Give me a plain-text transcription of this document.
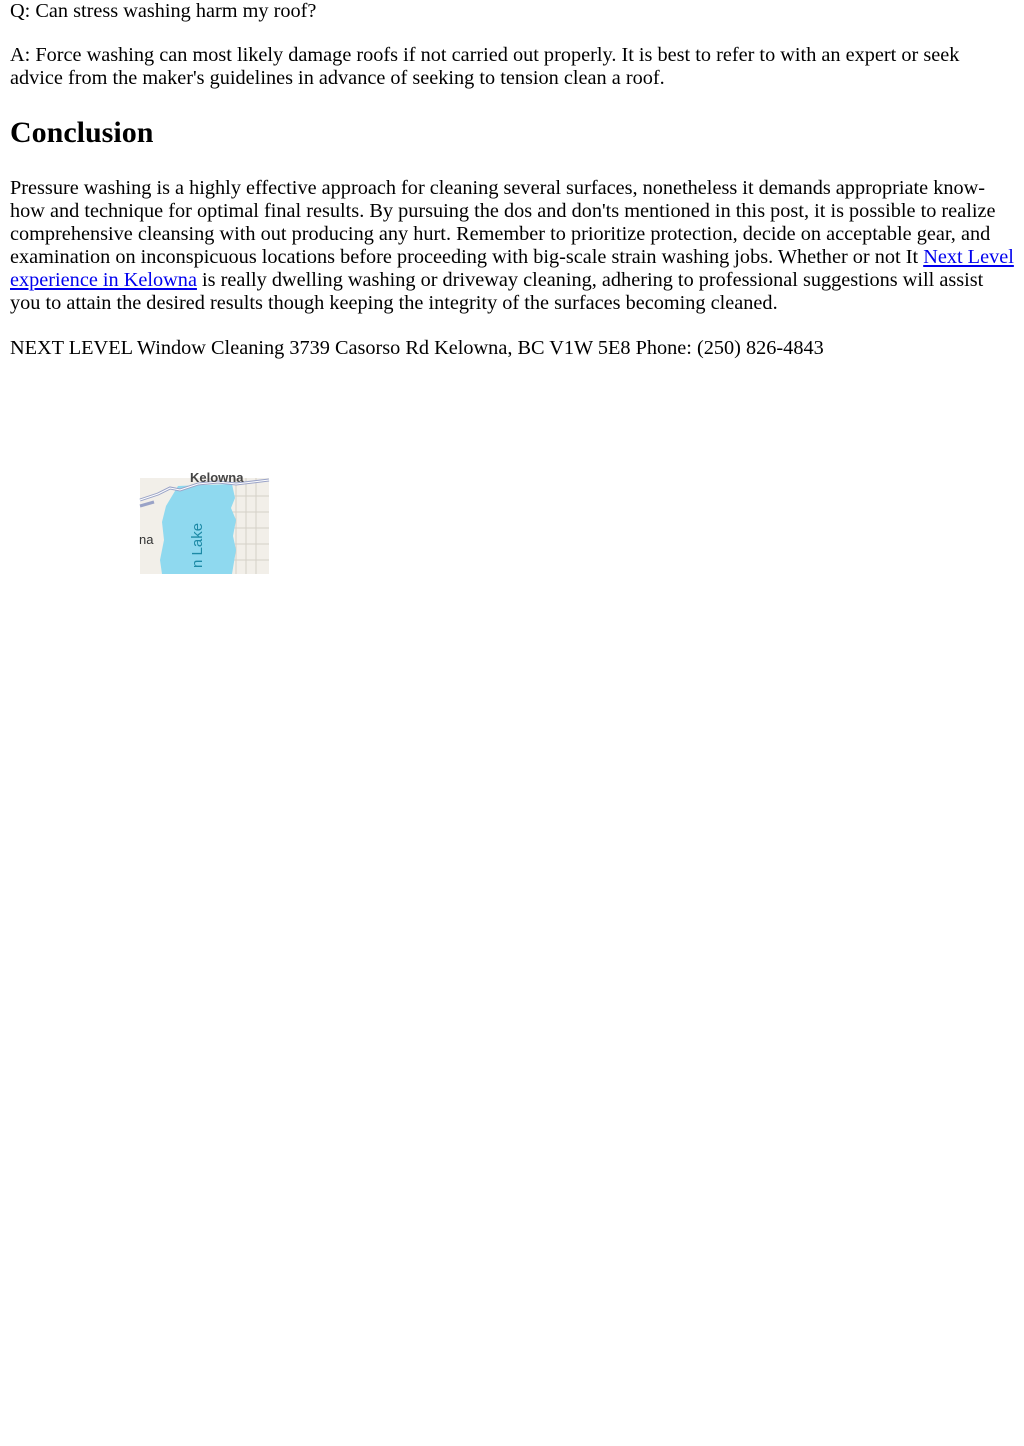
Q: Can stress washing harm my roof?

A: Force washing can most likely damage roofs if not carried out properly. It is best to refer to with an expert or seek advice from the maker's guidelines in advance of seeking to tension clean a roof.

Conclusion

Pressure washing is a highly effective approach for cleaning several surfaces, nonetheless it demands appropriate know-how and technique for optimal final results. By pursuing the dos and don'ts mentioned in this post, it is possible to realize comprehensive cleansing with out producing any hurt. Remember to prioritize protection, decide on acceptable gear, and examination on inconspicuous locations before proceeding with big-scale strain washing jobs. Whether or not It Next Level experience in Kelowna is really dwelling washing or driveway cleaning, adhering to professional suggestions will assist you to attain the desired results though keeping the integrity of the surfaces becoming cleaned.

NEXT LEVEL Window Cleaning 3739 Casorso Rd Kelowna, BC V1W 5E8 Phone: (250) 826-4843

n Lake
na
Kelowna
